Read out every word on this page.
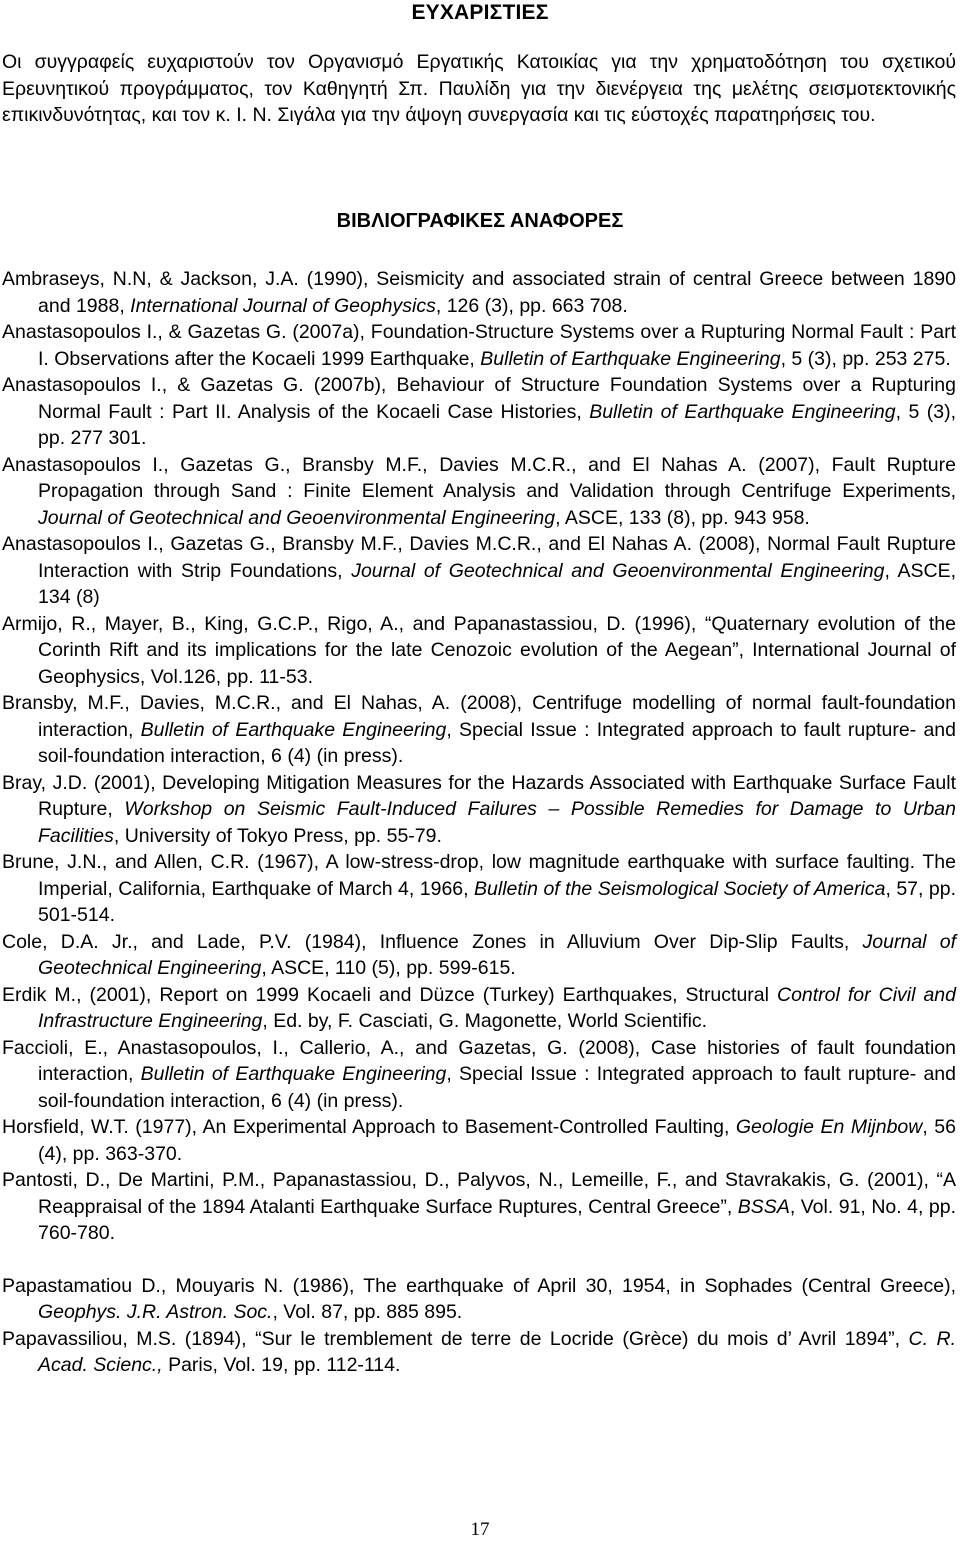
ΕΥΧΑΡΙΣΤΙΕΣ
Οι συγγραφείς ευχαριστούν τον Οργανισμό Εργατικής Κατοικίας για την χρηματοδότηση του σχετικού Ερευνητικού προγράμματος, τον Καθηγητή Σπ. Παυλίδη για την διενέργεια της μελέτης σεισμοτεκτονικής επικινδυνότητας, και τον κ. Ι. Ν. Σιγάλα για την άψογη συνεργασία και τις εύστοχές παρατηρήσεις του.
ΒΙΒΛΙΟΓΡΑΦΙΚΕΣ ΑΝΑΦΟΡΕΣ

Ambraseys, N.N, & Jackson, J.A. (1990), Seismicity and associated strain of central Greece between 1890 and 1988, International Journal of Geophysics, 126 (3), pp. 663 708.

Anastasopoulos I., & Gazetas G. (2007a), Foundation-Structure Systems over a Rupturing Normal Fault : Part I. Observations after the Kocaeli 1999 Earthquake, Bulletin of Earthquake Engineering, 5 (3), pp. 253 275.

Anastasopoulos I., & Gazetas G. (2007b), Behaviour of Structure Foundation Systems over a Rupturing Normal Fault : Part II. Analysis of the Kocaeli Case Histories, Bulletin of Earthquake Engineering, 5 (3), pp. 277 301.

Anastasopoulos I., Gazetas G., Bransby M.F., Davies M.C.R., and El Nahas A. (2007), Fault Rupture Propagation through Sand : Finite Element Analysis and Validation through Centrifuge Experiments, Journal of Geotechnical and Geoenvironmental Engineering, ASCE, 133 (8), pp. 943 958.

Anastasopoulos I., Gazetas G., Bransby M.F., Davies M.C.R., and El Nahas A. (2008), Normal Fault Rupture Interaction with Strip Foundations, Journal of Geotechnical and Geoenvironmental Engineering, ASCE, 134 (8)

Armijo, R., Mayer, B., King, G.C.P., Rigo, A., and Papanastassiou, D. (1996), “Quaternary evolution of the Corinth Rift and its implications for the late Cenozoic evolution of the Aegean”, International Journal of Geophysics, Vol.126, pp. 11-53.

Bransby, M.F., Davies, M.C.R., and El Nahas, A. (2008), Centrifuge modelling of normal fault-foundation interaction, Bulletin of Earthquake Engineering, Special Issue : Integrated approach to fault rupture- and soil-foundation interaction, 6 (4) (in press).

Bray, J.D. (2001), Developing Mitigation Measures for the Hazards Associated with Earthquake Surface Fault Rupture, Workshop on Seismic Fault-Induced Failures – Possible Remedies for Damage to Urban Facilities, University of Tokyo Press, pp. 55-79.

Brune, J.N., and Allen, C.R. (1967), A low-stress-drop, low magnitude earthquake with surface faulting. The Imperial, California, Earthquake of March 4, 1966, Bulletin of the Seismological Society of America, 57, pp. 501-514.

Cole, D.A. Jr., and Lade, P.V. (1984), Influence Zones in Alluvium Over Dip-Slip Faults, Journal of Geotechnical Engineering, ASCE, 110 (5), pp. 599-615.

Erdik M., (2001), Report on 1999 Kocaeli and Düzce (Turkey) Earthquakes, Structural Control for Civil and Infrastructure Engineering, Ed. by, F. Casciati, G. Magonette, World Scientific.

Faccioli, E., Anastasopoulos, I., Callerio, A., and Gazetas, G. (2008), Case histories of fault foundation interaction, Bulletin of Earthquake Engineering, Special Issue : Integrated approach to fault rupture- and soil-foundation interaction, 6 (4) (in press).

Horsfield, W.T. (1977), An Experimental Approach to Basement-Controlled Faulting, Geologie En Mijnbow, 56 (4), pp. 363-370.

Pantosti, D., De Martini, P.M., Papanastassiou, D., Palyvos, N., Lemeille, F., and Stavrakakis, G. (2001), “A Reappraisal of the 1894 Atalanti Earthquake Surface Ruptures, Central Greece”, BSSA, Vol. 91, No. 4, pp. 760-780.

Papastamatiou D., Mouyaris N. (1986), The earthquake of April 30, 1954, in Sophades (Central Greece), Geophys. J.R. Astron. Soc., Vol. 87, pp. 885 895.

Papavassiliou, M.S. (1894), “Sur le tremblement de terre de Locride (Grèce) du mois d’ Avril 1894”, C. R. Acad. Scienc., Paris, Vol. 19, pp. 112-114.

17
